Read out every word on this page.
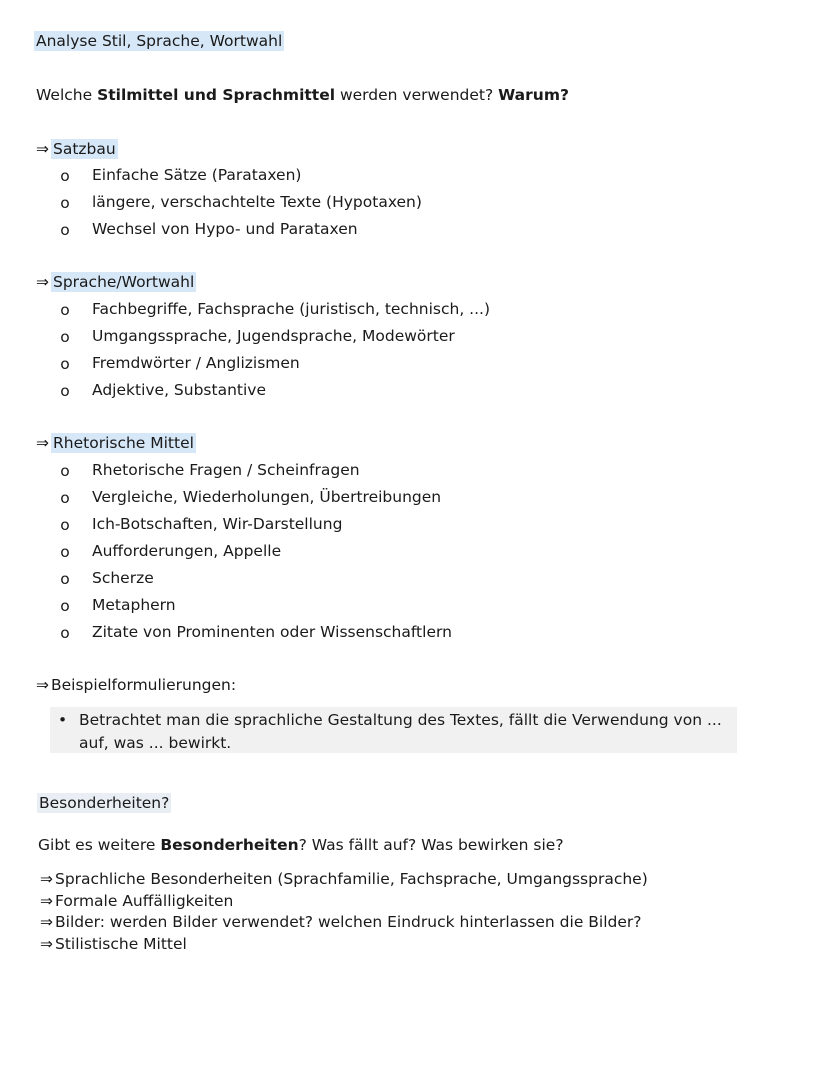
Analyse Stil, Sprache, Wortwahl
Welche Stilmittel und Sprachmittel werden verwendet? Warum?
⇒ Satzbau
o Einfache Sätze (Parataxen)
o längere, verschachtelte Texte (Hypotaxen)
o Wechsel von Hypo- und Parataxen
⇒ Sprache/Wortwahl
o Fachbegriffe, Fachsprache (juristisch, technisch, ...)
o Umgangssprache, Jugendsprache, Modewörter
o Fremdwörter / Anglizismen
o Adjektive, Substantive
⇒ Rhetorische Mittel
o Rhetorische Fragen / Scheinfragen
o Vergleiche, Wiederholungen, Übertreibungen
o Ich-Botschaften, Wir-Darstellung
o Aufforderungen, Appelle
o Scherze
o Metaphern
o Zitate von Prominenten oder Wissenschaftlern
⇒ Beispielformulierungen:
• Betrachtet man die sprachliche Gestaltung des Textes, fällt die Verwendung von ... auf, was ... bewirkt.
Besonderheiten?
Gibt es weitere Besonderheiten? Was fällt auf? Was bewirken sie?
⇒ Sprachliche Besonderheiten (Sprachfamilie, Fachsprache, Umgangssprache)
⇒ Formale Auffälligkeiten
⇒ Bilder: werden Bilder verwendet? welchen Eindruck hinterlassen die Bilder?
⇒ Stilistische Mittel
